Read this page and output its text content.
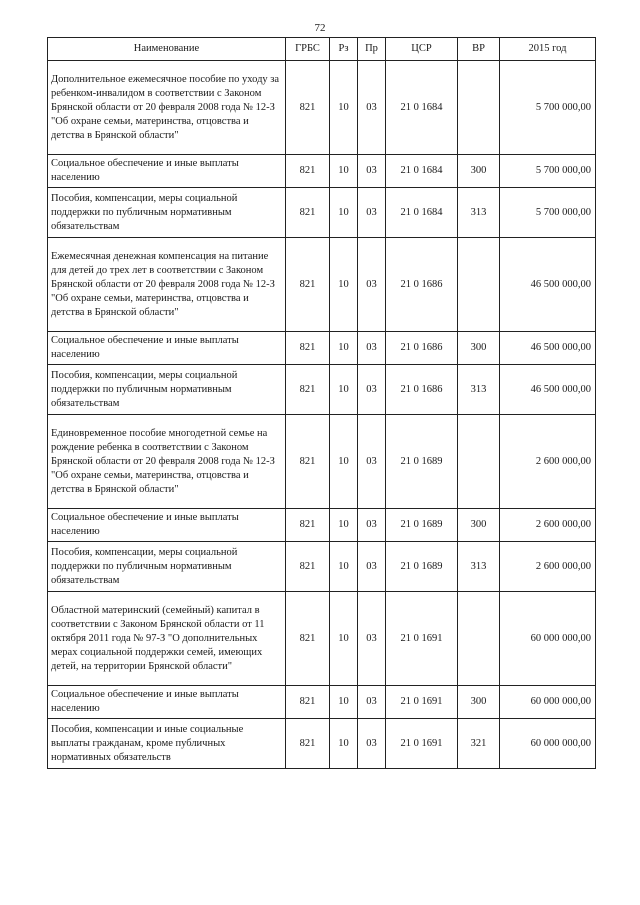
72
Наименование	ГРБС	Рз	Пр	ЦСР	ВР	2015 год
Дополнительное ежемесячное пособие по уходу за ребенком-инвалидом в соответствии с Законом Брянской области от 20 февраля 2008 года № 12-З "Об охране семьи, материнства, отцовства и детства в Брянской области"	821	10	03	21 0 1684		5 700 000,00
Социальное обеспечение и иные выплаты населению	821	10	03	21 0 1684	300	5 700 000,00
Пособия, компенсации, меры социальной поддержки по публичным нормативным обязательствам	821	10	03	21 0 1684	313	5 700 000,00
Ежемесячная денежная компенсация на питание для детей до трех лет в соответствии с Законом Брянской области от 20 февраля 2008 года № 12-З "Об охране семьи, материнства, отцовства и детства в Брянской области"	821	10	03	21 0 1686		46 500 000,00
Социальное обеспечение и иные выплаты населению	821	10	03	21 0 1686	300	46 500 000,00
Пособия, компенсации, меры социальной поддержки по публичным нормативным обязательствам	821	10	03	21 0 1686	313	46 500 000,00
Единовременное пособие многодетной семье на рождение ребенка в соответствии с Законом Брянской области от 20 февраля 2008 года № 12-З "Об охране семьи, материнства, отцовства и детства в Брянской области"	821	10	03	21 0 1689		2 600 000,00
Социальное обеспечение и иные выплаты населению	821	10	03	21 0 1689	300	2 600 000,00
Пособия, компенсации, меры социальной поддержки по публичным нормативным обязательствам	821	10	03	21 0 1689	313	2 600 000,00
Областной материнский (семейный) капитал в соответствии с Законом Брянской области от 11 октября 2011 года № 97-З "О дополнительных мерах социальной поддержки семей, имеющих детей, на территории Брянской области"	821	10	03	21 0 1691		60 000 000,00
Социальное обеспечение и иные выплаты населению	821	10	03	21 0 1691	300	60 000 000,00
Пособия, компенсации и иные социальные выплаты гражданам, кроме публичных нормативных обязательств	821	10	03	21 0 1691	321	60 000 000,00
